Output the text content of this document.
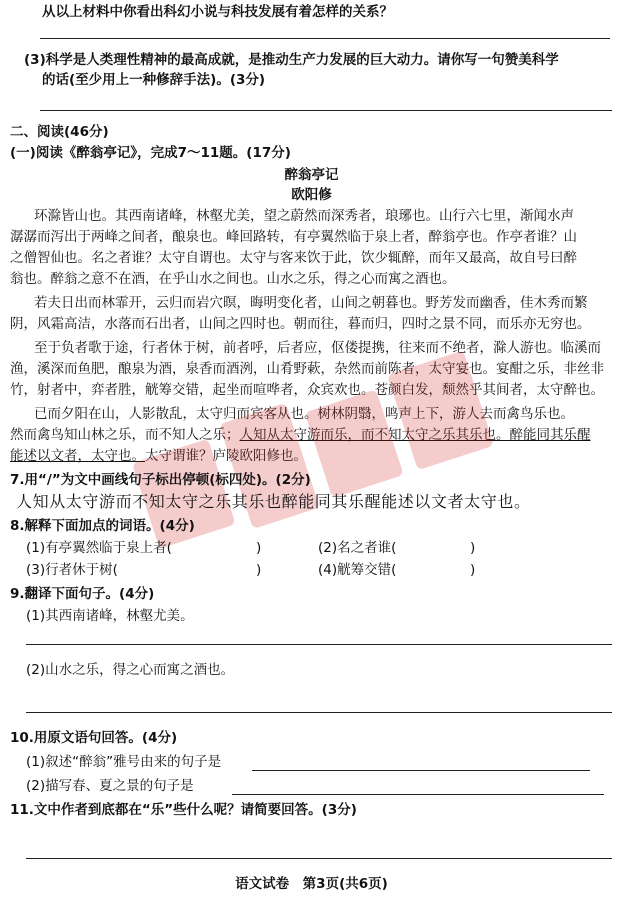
从以上材料中你看出科幻小说与科技发展有着怎样的关系？
(3)科学是人类理性精神的最高成就，是推动生产力发展的巨大动力。请你写一句赞美科学
的话(至少用上一种修辞手法)。(3分)
二、阅读(46分)
(一)阅读《醉翁亭记》，完成7～11题。(17分)
醉翁亭记
欧阳修
环滁皆山也。其西南诸峰，林壑尤美，望之蔚然而深秀者，琅琊也。山行六七里，渐闻水声
潺潺而泻出于两峰之间者，酿泉也。峰回路转，有亭翼然临于泉上者，醉翁亭也。作亭者谁？山
之僧智仙也。名之者谁？太守自谓也。太守与客来饮于此，饮少辄醉，而年又最高，故自号曰醉
翁也。醉翁之意不在酒，在乎山水之间也。山水之乐，得之心而寓之酒也。
若夫日出而林霏开，云归而岩穴暝，晦明变化者，山间之朝暮也。野芳发而幽香，佳木秀而繁
阴，风霜高洁，水落而石出者，山间之四时也。朝而往，暮而归，四时之景不同，而乐亦无穷也。
至于负者歌于途，行者休于树，前者呼，后者应，伛偻提携，往来而不绝者，滁人游也。临溪而
渔，溪深而鱼肥，酿泉为酒，泉香而酒洌，山肴野蔌，杂然而前陈者，太守宴也。宴酣之乐，非丝非
竹，射者中，弈者胜，觥筹交错，起坐而喧哗者，众宾欢也。苍颜白发，颓然乎其间者，太守醉也。
已而夕阳在山，人影散乱，太守归而宾客从也。树林阴翳，鸣声上下，游人去而禽鸟乐也。
然而禽鸟知山林之乐，而不知人之乐；人知从太守游而乐，而不知太守之乐其乐也。醉能同其乐醒
能述以文者，太守也。太守谓谁？庐陵欧阳修也。
7.用“/”为文中画线句子标出停顿(标四处)。(2分)
人知从太守游而不知太守之乐其乐也醉能同其乐醒能述以文者太守也。
8.解释下面加点的词语。(4分)
(1)有亭翼然临于泉上者(	)	(2)名之者谁(	)
(3)行者休于树(	)	(4)觥筹交错(	)
9.翻译下面句子。(4分)
(1)其西南诸峰，林壑尤美。
(2)山水之乐，得之心而寓之酒也。
10.用原文语句回答。(4分)
(1)叙述“醉翁”雅号由来的句子是
(2)描写春、夏之景的句子是
11.文中作者到底都在“乐”些什么呢？请简要回答。(3分)
语文试卷　第3页(共6页)
